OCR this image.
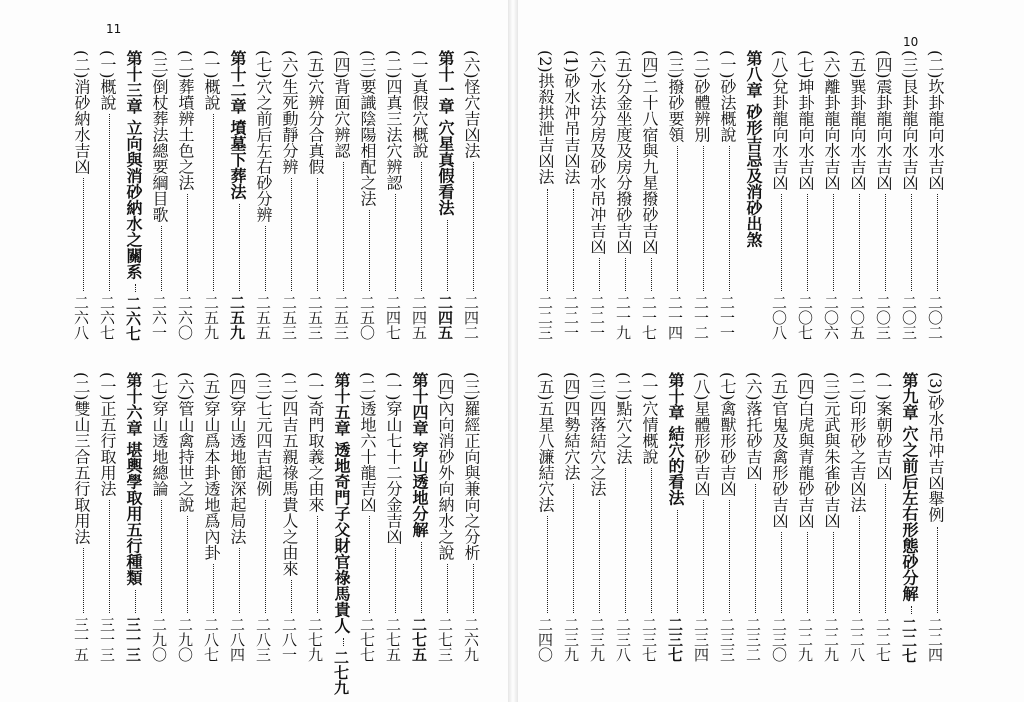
11
10
(六)怪穴吉凶法
二四二
第十一章 穴星真假看法
二四五
(一)真假穴概說
二四五
(二)四真三法穴辨認
二四七
(三)要識陰陽相配之法
二五〇
(四)背面穴辨認
二五三
(五)穴辨分合真假
二五三
(六)生死動靜分辨
二五三
(七)穴之前后左右砂分辨
二五五
第十二章 墳墓下葬法
二五九
(一)概說
二五九
(二)葬墳辨土色之法
二六〇
(三)倒杖葬法總要綱目歌
二六一
第十三章 立向與消砂納水之關系
二六七
(一)概說
二六七
(二)消砂納水吉凶
二六八
(三)羅經正向與兼向之分析
二六九
(四)內向消砂外向納水之說
二七三
第十四章 穿山透地分解
二七五
(一)穿山七十二分金吉凶
二七五
(二)透地六十龍吉凶
二七七
第十五章 透地奇門子父財官祿馬貴人
二七九
(一)奇門取義之由來
二七九
(二)四吉五親祿馬貴人之由來
二八一
(三)七元四吉起例
二八三
(四)穿山透地節深起局法
二八四
(五)穿山爲本卦透地爲內卦
二八七
(六)管山禽持世之說
二九〇
(七)穿山透地總論
二九〇
第十六章 堪輿學取用五行種類
三一三
(一)正五行取用法
三一三
(二)雙山三合五行取用法
三一五
(二)坎卦龍向水吉凶
二〇二
(三)艮卦龍向水吉凶
二〇三
(四)震卦龍向水吉凶
二〇三
(五)巽卦龍向水吉凶
二〇五
(六)離卦龍向水吉凶
二〇六
(七)坤卦龍向水吉凶
二〇七
(八)兌卦龍向水吉凶
二〇八
第八章 砂形吉忌及消砂出煞
(一)砂法概說
二一一
(二)砂體辨別
二一二
(三)撥砂要領
二一四
(四)二十八宿與九星撥砂吉凶
二一七
(五)分金坐度及房分撥砂吉凶
二一九
(六)水法分房及砂水吊冲吉凶
二二一
(1)砂水冲吊吉凶法
二二一
(2)拱殺拱泄吉凶法
二二三
(3)砂水吊冲吉凶舉例
二二四
第九章 穴之前后左右形態砂分解
二二七
(一)案朝砂吉凶
二二七
(二)印形砂之吉凶法
二二八
(三)元武與朱雀砂吉凶
二二九
(四)白虎與青龍砂吉凶
二二九
(五)官鬼及禽形砂吉凶
二三〇
(六)落托砂吉凶
二三二
(七)禽獸形砂吉凶
二三三
(八)星體形砂吉凶
二三四
第十章 結穴的看法
二三七
(一)穴情概說
二三七
(二)點穴之法
二三八
(三)四落結穴之法
二三九
(四)四勢結穴法
二三九
(五)五星八濂結穴法
二四〇
